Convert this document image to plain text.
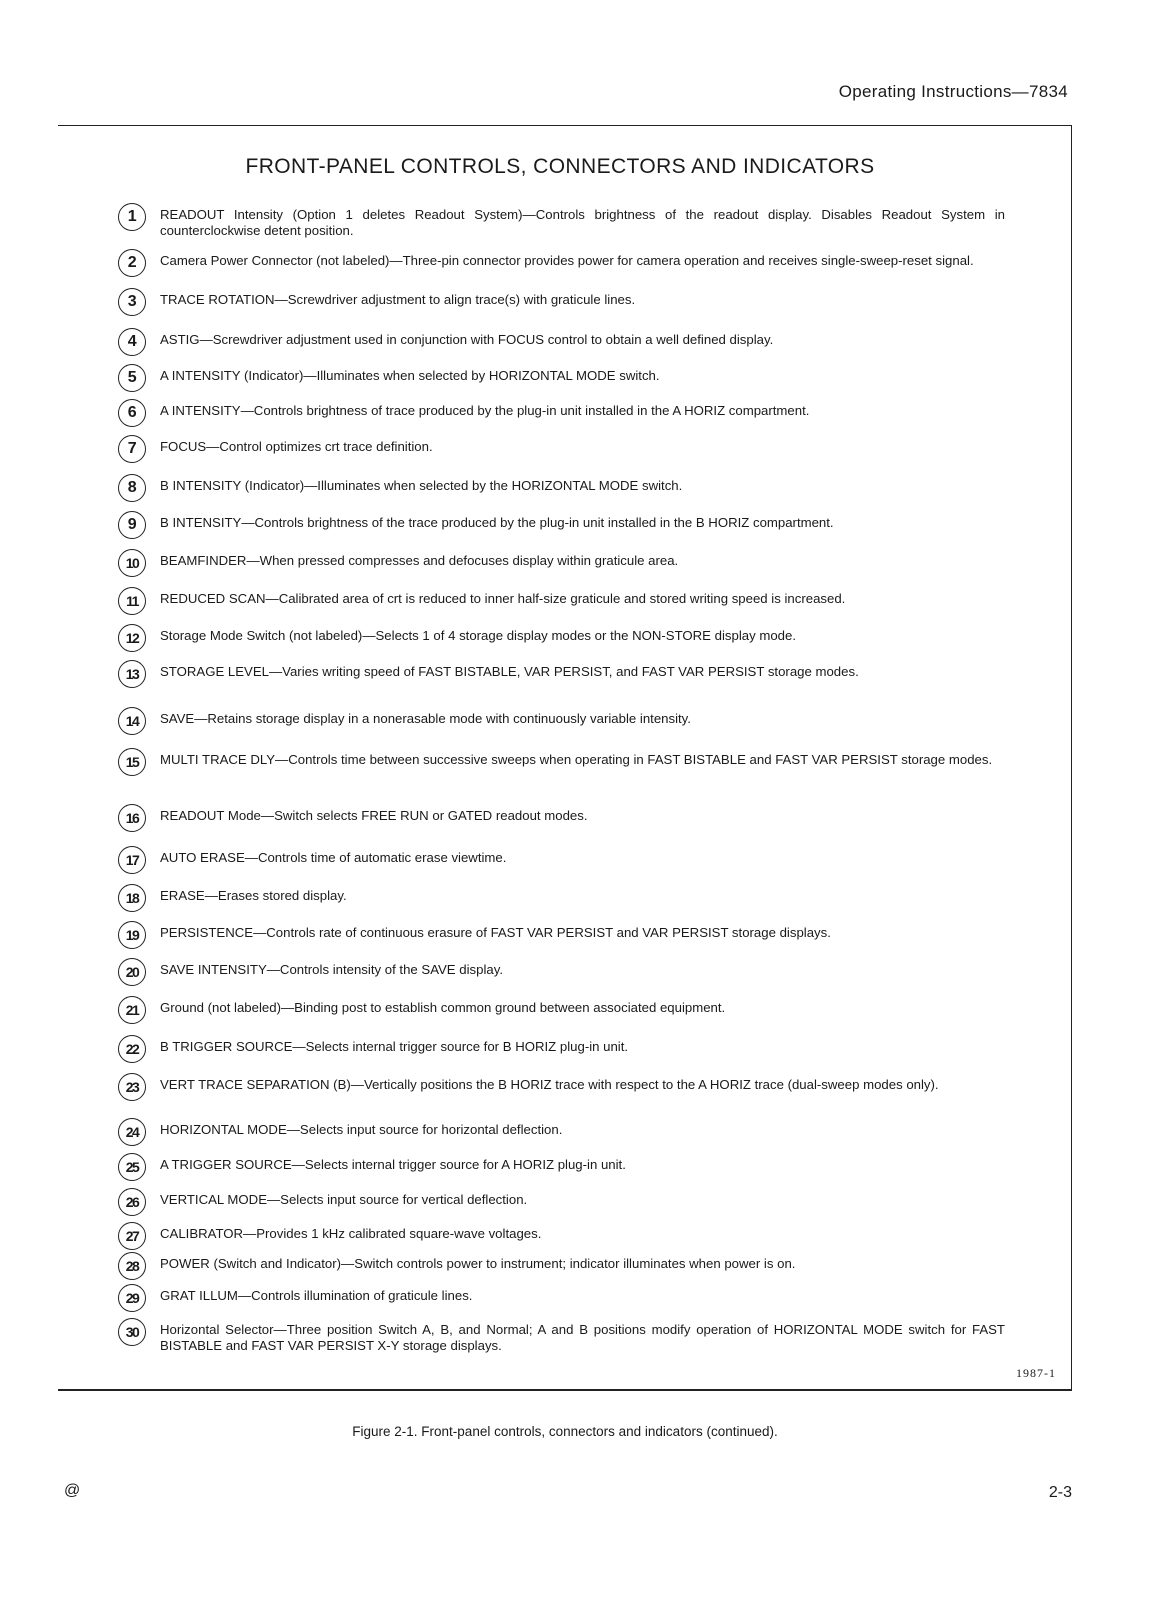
Operating Instructions—7834
FRONT-PANEL CONTROLS, CONNECTORS AND INDICATORS
1	READOUT Intensity (Option 1 deletes Readout System)—Controls brightness of the readout display. Disables Readout System in counterclockwise detent position.
2	Camera Power Connector (not labeled)—Three-pin connector provides power for camera operation and receives single-sweep-reset signal.
3	TRACE ROTATION—Screwdriver adjustment to align trace(s) with graticule lines.
4	ASTIG—Screwdriver adjustment used in conjunction with FOCUS control to obtain a well defined display.
5	A INTENSITY (Indicator)—Illuminates when selected by HORIZONTAL MODE switch.
6	A INTENSITY—Controls brightness of trace produced by the plug-in unit installed in the A HORIZ compartment.
7	FOCUS—Control optimizes crt trace definition.
8	B INTENSITY (Indicator)—Illuminates when selected by the HORIZONTAL MODE switch.
9	B INTENSITY—Controls brightness of the trace produced by the plug-in unit installed in the B HORIZ compartment.
10	BEAMFINDER—When pressed compresses and defocuses display within graticule area.
11	REDUCED SCAN—Calibrated area of crt is reduced to inner half-size graticule and stored writing speed is increased.
12	Storage Mode Switch (not labeled)—Selects 1 of 4 storage display modes or the NON-STORE display mode.
13	STORAGE LEVEL—Varies writing speed of FAST BISTABLE, VAR PERSIST, and FAST VAR PERSIST storage modes.
14	SAVE—Retains storage display in a nonerasable mode with continuously variable intensity.
15	MULTI TRACE DLY—Controls time between successive sweeps when operating in FAST BISTABLE and FAST VAR PERSIST storage modes.
16	READOUT Mode—Switch selects FREE RUN or GATED readout modes.
17	AUTO ERASE—Controls time of automatic erase viewtime.
18	ERASE—Erases stored display.
19	PERSISTENCE—Controls rate of continuous erasure of FAST VAR PERSIST and VAR PERSIST storage displays.
20	SAVE INTENSITY—Controls intensity of the SAVE display.
21	Ground (not labeled)—Binding post to establish common ground between associated equipment.
22	B TRIGGER SOURCE—Selects internal trigger source for B HORIZ plug-in unit.
23	VERT TRACE SEPARATION (B)—Vertically positions the B HORIZ trace with respect to the A HORIZ trace (dual-sweep modes only).
24	HORIZONTAL MODE—Selects input source for horizontal deflection.
25	A TRIGGER SOURCE—Selects internal trigger source for A HORIZ plug-in unit.
26	VERTICAL MODE—Selects input source for vertical deflection.
27	CALIBRATOR—Provides 1 kHz calibrated square-wave voltages.
28	POWER (Switch and Indicator)—Switch controls power to instrument; indicator illuminates when power is on.
29	GRAT ILLUM—Controls illumination of graticule lines.
30	Horizontal Selector—Three position Switch A, B, and Normal; A and B positions modify operation of HORIZONTAL MODE switch for FAST BISTABLE and FAST VAR PERSIST X-Y storage displays.
1987-1
Figure 2-1. Front-panel controls, connectors and indicators (continued).
@	2-3
